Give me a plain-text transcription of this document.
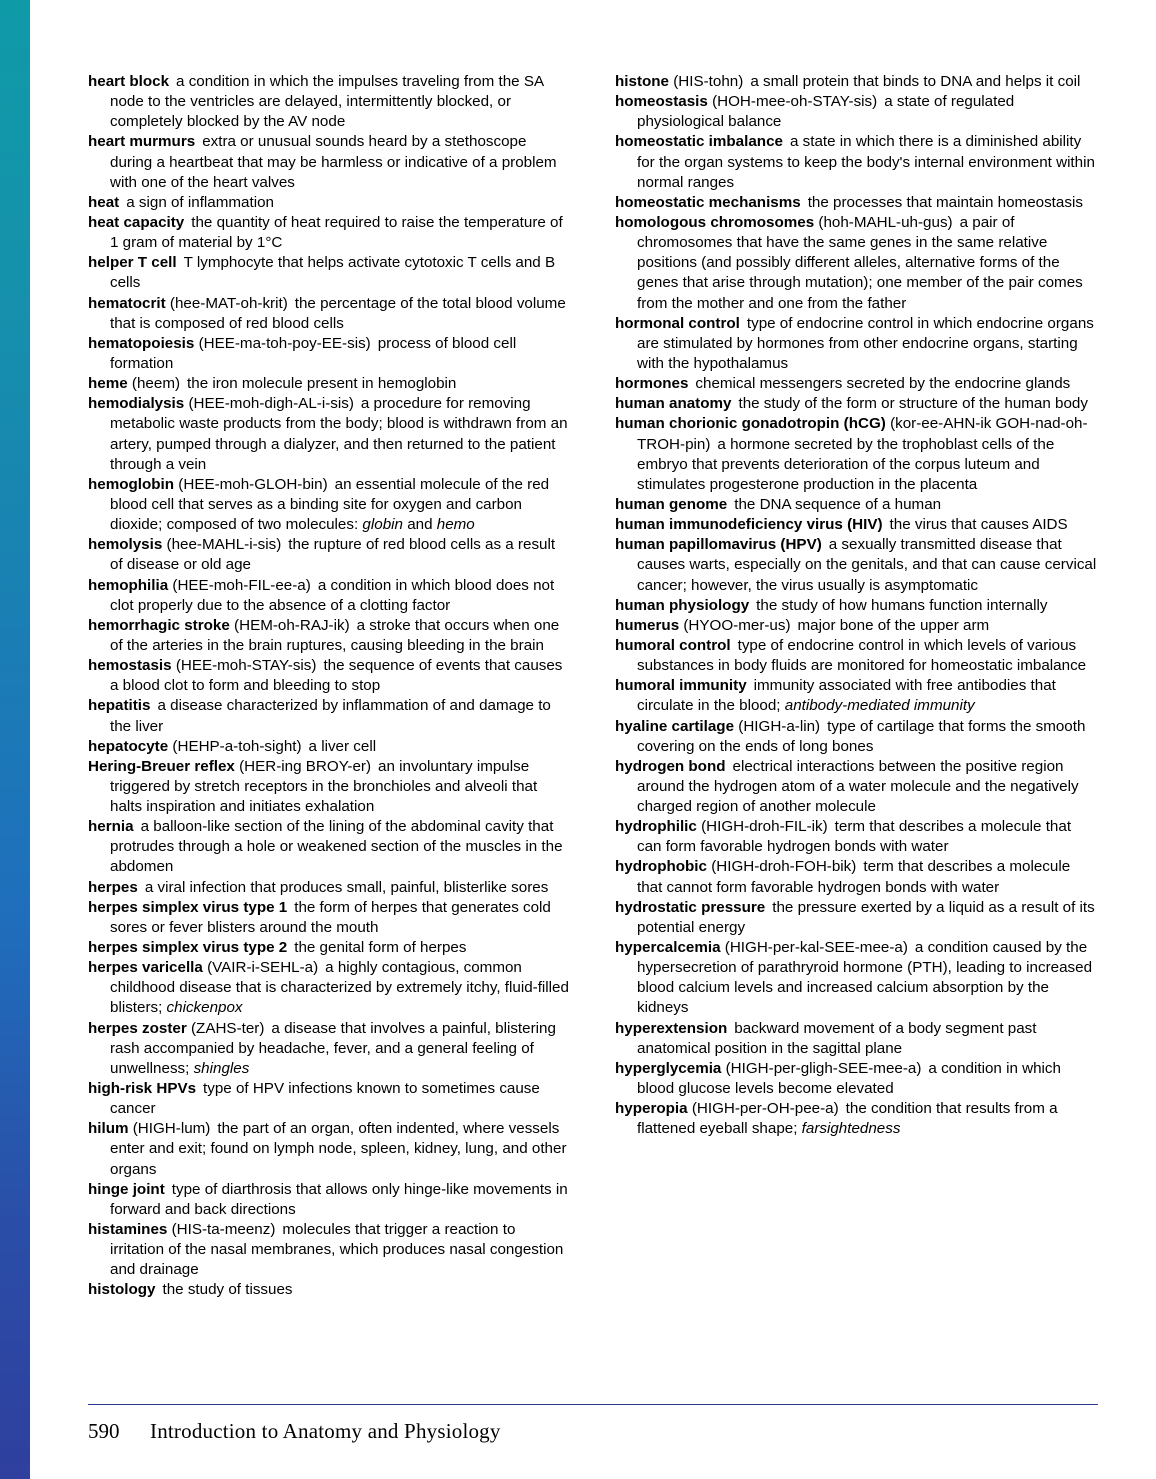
heart block a condition in which the impulses traveling from the SA node to the ventricles are delayed, intermittently blocked, or completely blocked by the AV node
heart murmurs extra or unusual sounds heard by a stethoscope during a heartbeat that may be harmless or indicative of a problem with one of the heart valves
heat a sign of inflammation
heat capacity the quantity of heat required to raise the temperature of 1 gram of material by 1°C
helper T cell T lymphocyte that helps activate cytotoxic T cells and B cells
hematocrit (hee-MAT-oh-krit) the percentage of the total blood volume that is composed of red blood cells
hematopoiesis (HEE-ma-toh-poy-EE-sis) process of blood cell formation
heme (heem) the iron molecule present in hemoglobin
hemodialysis (HEE-moh-digh-AL-i-sis) a procedure for removing metabolic waste products from the body; blood is withdrawn from an artery, pumped through a dialyzer, and then returned to the patient through a vein
hemoglobin (HEE-moh-GLOH-bin) an essential molecule of the red blood cell that serves as a binding site for oxygen and carbon dioxide; composed of two molecules: globin and hemo
hemolysis (hee-MAHL-i-sis) the rupture of red blood cells as a result of disease or old age
hemophilia (HEE-moh-FIL-ee-a) a condition in which blood does not clot properly due to the absence of a clotting factor
hemorrhagic stroke (HEM-oh-RAJ-ik) a stroke that occurs when one of the arteries in the brain ruptures, causing bleeding in the brain
hemostasis (HEE-moh-STAY-sis) the sequence of events that causes a blood clot to form and bleeding to stop
hepatitis a disease characterized by inflammation of and damage to the liver
hepatocyte (HEHP-a-toh-sight) a liver cell
Hering-Breuer reflex (HER-ing BROY-er) an involuntary impulse triggered by stretch receptors in the bronchioles and alveoli that halts inspiration and initiates exhalation
hernia a balloon-like section of the lining of the abdominal cavity that protrudes through a hole or weakened section of the muscles in the abdomen
herpes a viral infection that produces small, painful, blisterlike sores
herpes simplex virus type 1 the form of herpes that generates cold sores or fever blisters around the mouth
herpes simplex virus type 2 the genital form of herpes
herpes varicella (VAIR-i-SEHL-a) a highly contagious, common childhood disease that is characterized by extremely itchy, fluid-filled blisters; chickenpox
herpes zoster (ZAHS-ter) a disease that involves a painful, blistering rash accompanied by headache, fever, and a general feeling of unwellness; shingles
high-risk HPVs type of HPV infections known to sometimes cause cancer
hilum (HIGH-lum) the part of an organ, often indented, where vessels enter and exit; found on lymph node, spleen, kidney, lung, and other organs
hinge joint type of diarthrosis that allows only hinge-like movements in forward and back directions
histamines (HIS-ta-meenz) molecules that trigger a reaction to irritation of the nasal membranes, which produces nasal congestion and drainage
histology the study of tissues
histone (HIS-tohn) a small protein that binds to DNA and helps it coil
homeostasis (HOH-mee-oh-STAY-sis) a state of regulated physiological balance
homeostatic imbalance a state in which there is a diminished ability for the organ systems to keep the body's internal environment within normal ranges
homeostatic mechanisms the processes that maintain homeostasis
homologous chromosomes (hoh-MAHL-uh-gus) a pair of chromosomes that have the same genes in the same relative positions (and possibly different alleles, alternative forms of the genes that arise through mutation); one member of the pair comes from the mother and one from the father
hormonal control type of endocrine control in which endocrine organs are stimulated by hormones from other endocrine organs, starting with the hypothalamus
hormones chemical messengers secreted by the endocrine glands
human anatomy the study of the form or structure of the human body
human chorionic gonadotropin (hCG) (kor-ee-AHN-ik GOH-nad-oh-TROH-pin) a hormone secreted by the trophoblast cells of the embryo that prevents deterioration of the corpus luteum and stimulates progesterone production in the placenta
human genome the DNA sequence of a human
human immunodeficiency virus (HIV) the virus that causes AIDS
human papillomavirus (HPV) a sexually transmitted disease that causes warts, especially on the genitals, and that can cause cervical cancer; however, the virus usually is asymptomatic
human physiology the study of how humans function internally
humerus (HYOO-mer-us) major bone of the upper arm
humoral control type of endocrine control in which levels of various substances in body fluids are monitored for homeostatic imbalance
humoral immunity immunity associated with free antibodies that circulate in the blood; antibody-mediated immunity
hyaline cartilage (HIGH-a-lin) type of cartilage that forms the smooth covering on the ends of long bones
hydrogen bond electrical interactions between the positive region around the hydrogen atom of a water molecule and the negatively charged region of another molecule
hydrophilic (HIGH-droh-FIL-ik) term that describes a molecule that can form favorable hydrogen bonds with water
hydrophobic (HIGH-droh-FOH-bik) term that describes a molecule that cannot form favorable hydrogen bonds with water
hydrostatic pressure the pressure exerted by a liquid as a result of its potential energy
hypercalcemia (HIGH-per-kal-SEE-mee-a) a condition caused by the hypersecretion of parathryroid hormone (PTH), leading to increased blood calcium levels and increased calcium absorption by the kidneys
hyperextension backward movement of a body segment past anatomical position in the sagittal plane
hyperglycemia (HIGH-per-gligh-SEE-mee-a) a condition in which blood glucose levels become elevated
hyperopia (HIGH-per-OH-pee-a) the condition that results from a flattened eyeball shape; farsightedness
590	Introduction to Anatomy and Physiology
